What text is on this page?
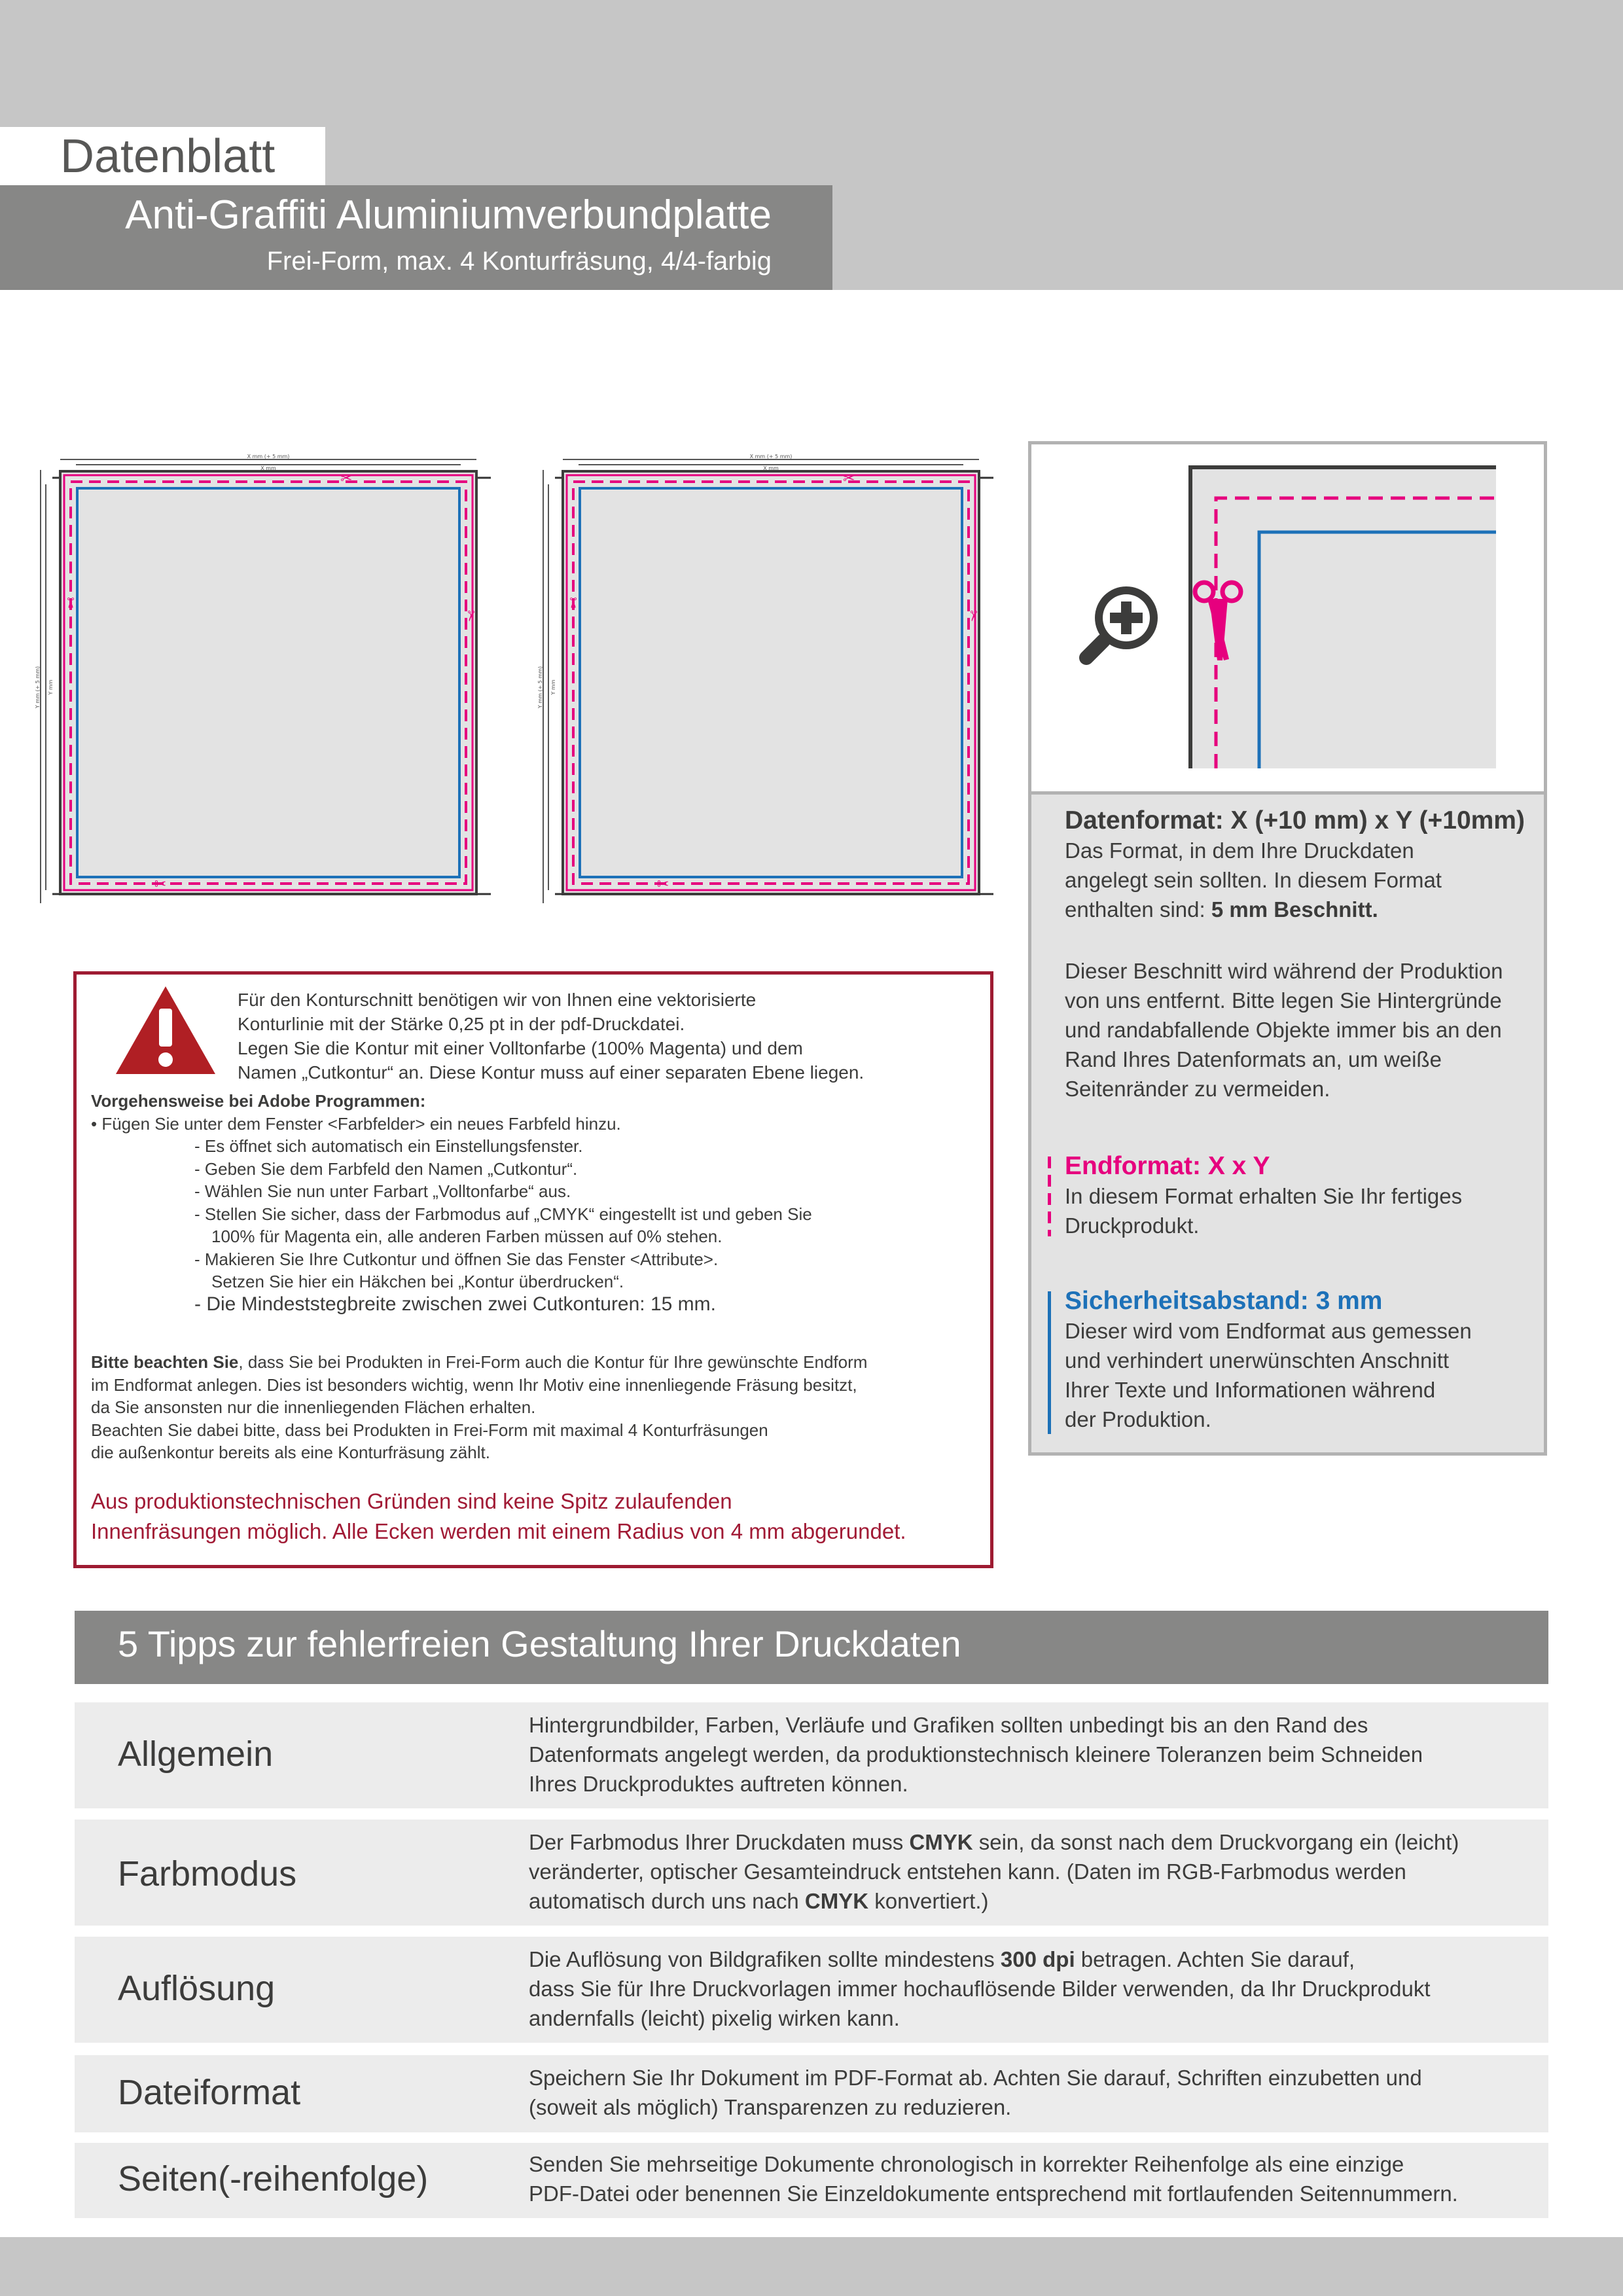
Datenblatt
Anti-Graffiti Aluminiumverbundplatte
Frei-Form, max. 4 Konturfräsung, 4/4-farbig
X mm (+ 5 mm)
X mm
Y mm (+ 5 mm) Y mm
✂
✂
✂
✂
X mm (+ 5 mm)
X mm
Y mm (+ 5 mm) Y mm
✂
✂
✂
✂
Datenformat: X (+10 mm) x Y (+10mm)
Das Format, in dem Ihre Druckdaten
angelegt sein sollten. In diesem Format
enthalten sind: 5 mm Beschnitt.
Dieser Beschnitt wird während der Produktion
von uns entfernt. Bitte legen Sie Hintergründe
und randabfallende Objekte immer bis an den
Rand Ihres Datenformats an, um weiße
Seitenränder zu vermeiden.
Endformat: X x Y
In diesem Format erhalten Sie Ihr fertiges
Druckprodukt.
Sicherheitsabstand: 3 mm
Dieser wird vom Endformat aus gemessen
und verhindert unerwünschten Anschnitt
Ihrer Texte und Informationen während
der Produktion.
Für den Konturschnitt benötigen wir von Ihnen eine vektorisierte
Konturlinie mit der Stärke 0,25 pt in der pdf-Druckdatei.
Legen Sie die Kontur mit einer Volltonfarbe (100% Magenta) und dem
Namen „Cutkontur“ an. Diese Kontur muss auf einer separaten Ebene liegen.
Vorgehensweise bei Adobe Programmen:
• Fügen Sie unter dem Fenster <Farbfelder> ein neues Farbfeld hinzu.
- Es öffnet sich automatisch ein Einstellungsfenster.
- Geben Sie dem Farbfeld den Namen „Cutkontur“.
- Wählen Sie nun unter Farbart „Volltonfarbe“ aus.
- Stellen Sie sicher, dass der Farbmodus auf „CMYK“ eingestellt ist und geben Sie
100% für Magenta ein, alle anderen Farben müssen auf 0% stehen.
- Makieren Sie Ihre Cutkontur und öffnen Sie das Fenster <Attribute>.
Setzen Sie hier ein Häkchen bei „Kontur überdrucken“.
- Die Mindeststegbreite zwischen zwei Cutkonturen: 15 mm.
Bitte beachten Sie, dass Sie bei Produkten in Frei-Form auch die Kontur für Ihre gewünschte Endform
im Endformat anlegen. Dies ist besonders wichtig, wenn Ihr Motiv eine innenliegende Fräsung besitzt,
da Sie ansonsten nur die innenliegenden Flächen erhalten.
Beachten Sie dabei bitte, dass bei Produkten in Frei-Form mit maximal 4 Konturfräsungen
die außenkontur bereits als eine Konturfräsung zählt.
Aus produktionstechnischen Gründen sind keine Spitz zulaufenden
Innenfräsungen möglich. Alle Ecken werden mit einem Radius von 4 mm abgerundet.
5 Tipps zur fehlerfreien Gestaltung Ihrer Druckdaten
Allgemein
Hintergrundbilder, Farben, Verläufe und Grafiken sollten unbedingt bis an den Rand des
Datenformats angelegt werden, da produktionstechnisch kleinere Toleranzen beim Schneiden
Ihres Druckproduktes auftreten können.
Farbmodus
Der Farbmodus Ihrer Druckdaten muss CMYK sein, da sonst nach dem Druckvorgang ein (leicht)
veränderter, optischer Gesamteindruck entstehen kann. (Daten im RGB-Farbmodus werden
automatisch durch uns nach CMYK konvertiert.)
Auflösung
Die Auflösung von Bildgrafiken sollte mindestens 300 dpi betragen. Achten Sie darauf,
dass Sie für Ihre Druckvorlagen immer hochauflösende Bilder verwenden, da Ihr Druckprodukt
andernfalls (leicht) pixelig wirken kann.
Dateiformat	Speichern Sie Ihr Dokument im PDF-Format ab. Achten Sie darauf, Schriften einzubetten und
(soweit als möglich) Transparenzen zu reduzieren.
Seiten(-reihenfolge)	Senden Sie mehrseitige Dokumente chronologisch in korrekter Reihenfolge als eine einzige
PDF-Datei oder benennen Sie Einzeldokumente entsprechend mit fortlaufenden Seitennummern.
